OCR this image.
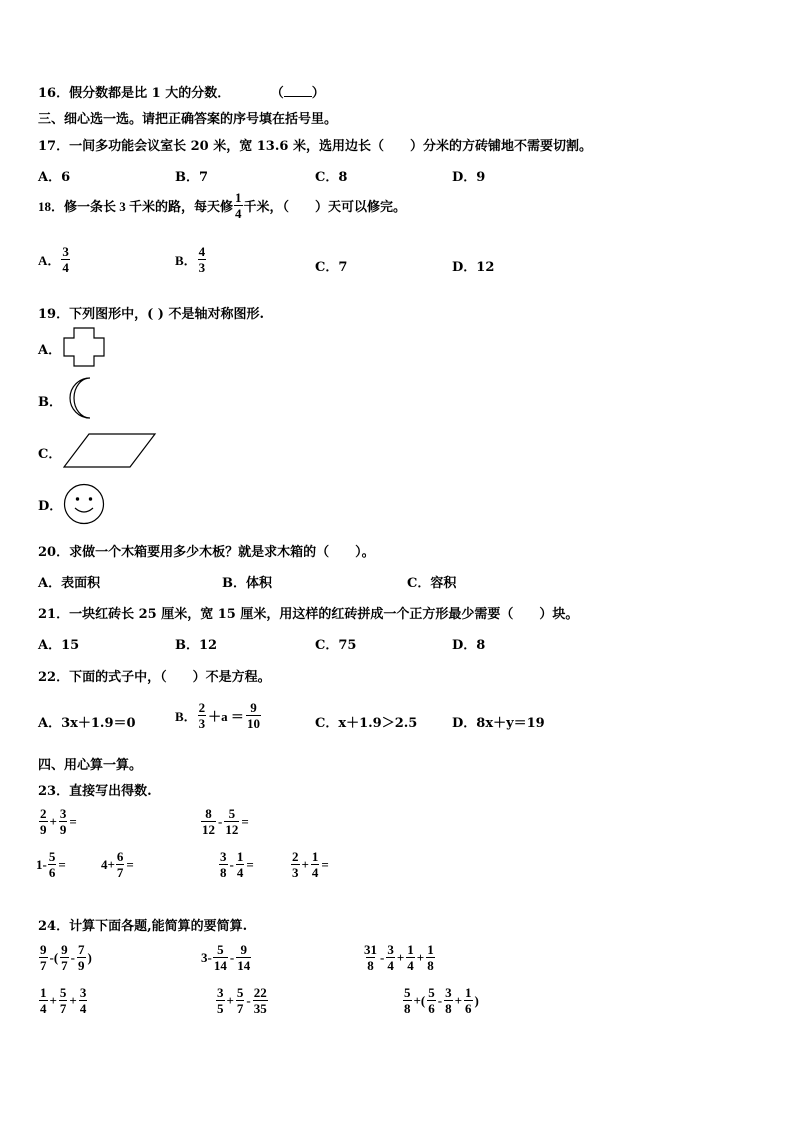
16．假分数都是比 1 大的分数．	（ ）
三、细心选一选。请把正确答案的序号填在括号里。
17．一间多功能会议室长 20 米，宽 13.6 米，选用边长（　　）分米的方砖铺地不需要切割。
A．6	B．7	C．8	D．9
18．修一条长 3 千米的路，每天修 $\frac{1}{4}$ 千米，（　　）天可以修完。
A． $\frac{3}{4}$	B． $\frac{4}{3}$	C．7	D．12
19．下列图形中，( ) 不是轴对称图形.
A．
B．
C．
D．
20．求做一个木箱要用多少木板？就是求木箱的（　　）。
A．表面积	B．体积	C．容积
21．一块红砖长 25 厘米，宽 15 厘米，用这样的红砖拼成一个正方形最少需要（　　）块。
A．15	B．12	C．75	D．8
22．下面的式子中，（　　）不是方程。
A．3x＋1.9＝0	B． $\frac{2}{3} +a = \frac{9}{10}$	C．x＋1.9＞2.5	D．8x＋y＝19
四、用心算一算。
23．直接写出得数.
$\frac{2}{9} + \frac{3}{9}$ =	$\frac{8}{12} - \frac{5}{12}$ =
$1- \frac{5}{6}$ =	$4+ \frac{6}{7}$ =	$\frac{3}{8} - \frac{1}{4}$ =	$\frac{2}{3} + \frac{1}{4}$ =
24．计算下面各题,能简算的要简算.
$\frac{9}{7}$ -( $\frac{9}{7} - \frac{7}{9}$ )	$3- \frac{5}{14} - \frac{9}{14}$	$\frac{31}{8} - \frac{3}{4} + \frac{1}{4} + \frac{1}{8}$
$\frac{1}{4} + \frac{5}{7} + \frac{3}{4}$	$\frac{3}{5} + \frac{5}{7} - \frac{22}{35}$	$\frac{5}{8}$ +( $\frac{5}{6} - \frac{3}{8} + \frac{1}{6}$ )
